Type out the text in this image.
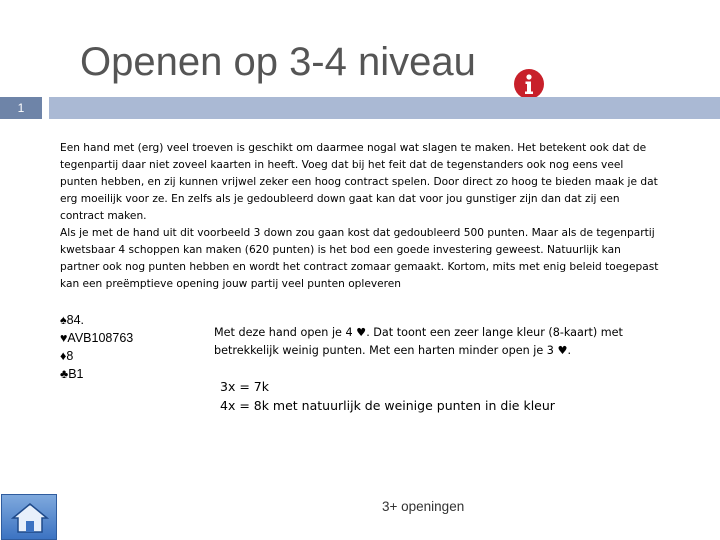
Openen op 3-4 niveau
1

Een hand met (erg) veel troeven is geschikt om daarmee nogal wat slagen te maken. Het betekent ook dat de tegenpartij daar niet zoveel kaarten in heeft. Voeg dat bij het feit dat de tegenstanders ook nog eens veel punten hebben, en zij kunnen vrijwel zeker een hoog contract spelen. Door direct zo hoog te bieden maak je dat erg moeilijk voor ze. En zelfs als je gedoubleerd down gaat kan dat voor jou gunstiger zijn dan dat zij een contract maken.

Als je met de hand uit dit voorbeeld 3 down zou gaan kost dat gedoubleerd 500 punten. Maar als de tegenpartij kwetsbaar 4 schoppen kan maken (620 punten) is het bod een goede investering geweest. Natuurlijk kan partner ook nog punten hebben en wordt het contract zomaar gemaakt. Kortom, mits met enig beleid toegepast kan een preëmptieve opening jouw partij veel punten opleveren

♠84.
♥AVB108763
♦8
♣B1
Met deze hand open je 4 ♥. Dat toont een zeer lange kleur (8-kaart) met betrekkelijk weinig punten. Met een harten minder open je 3 ♥.
3x = 7k
4x = 8k met natuurlijk de weinige punten in die kleur
3+ openingen
